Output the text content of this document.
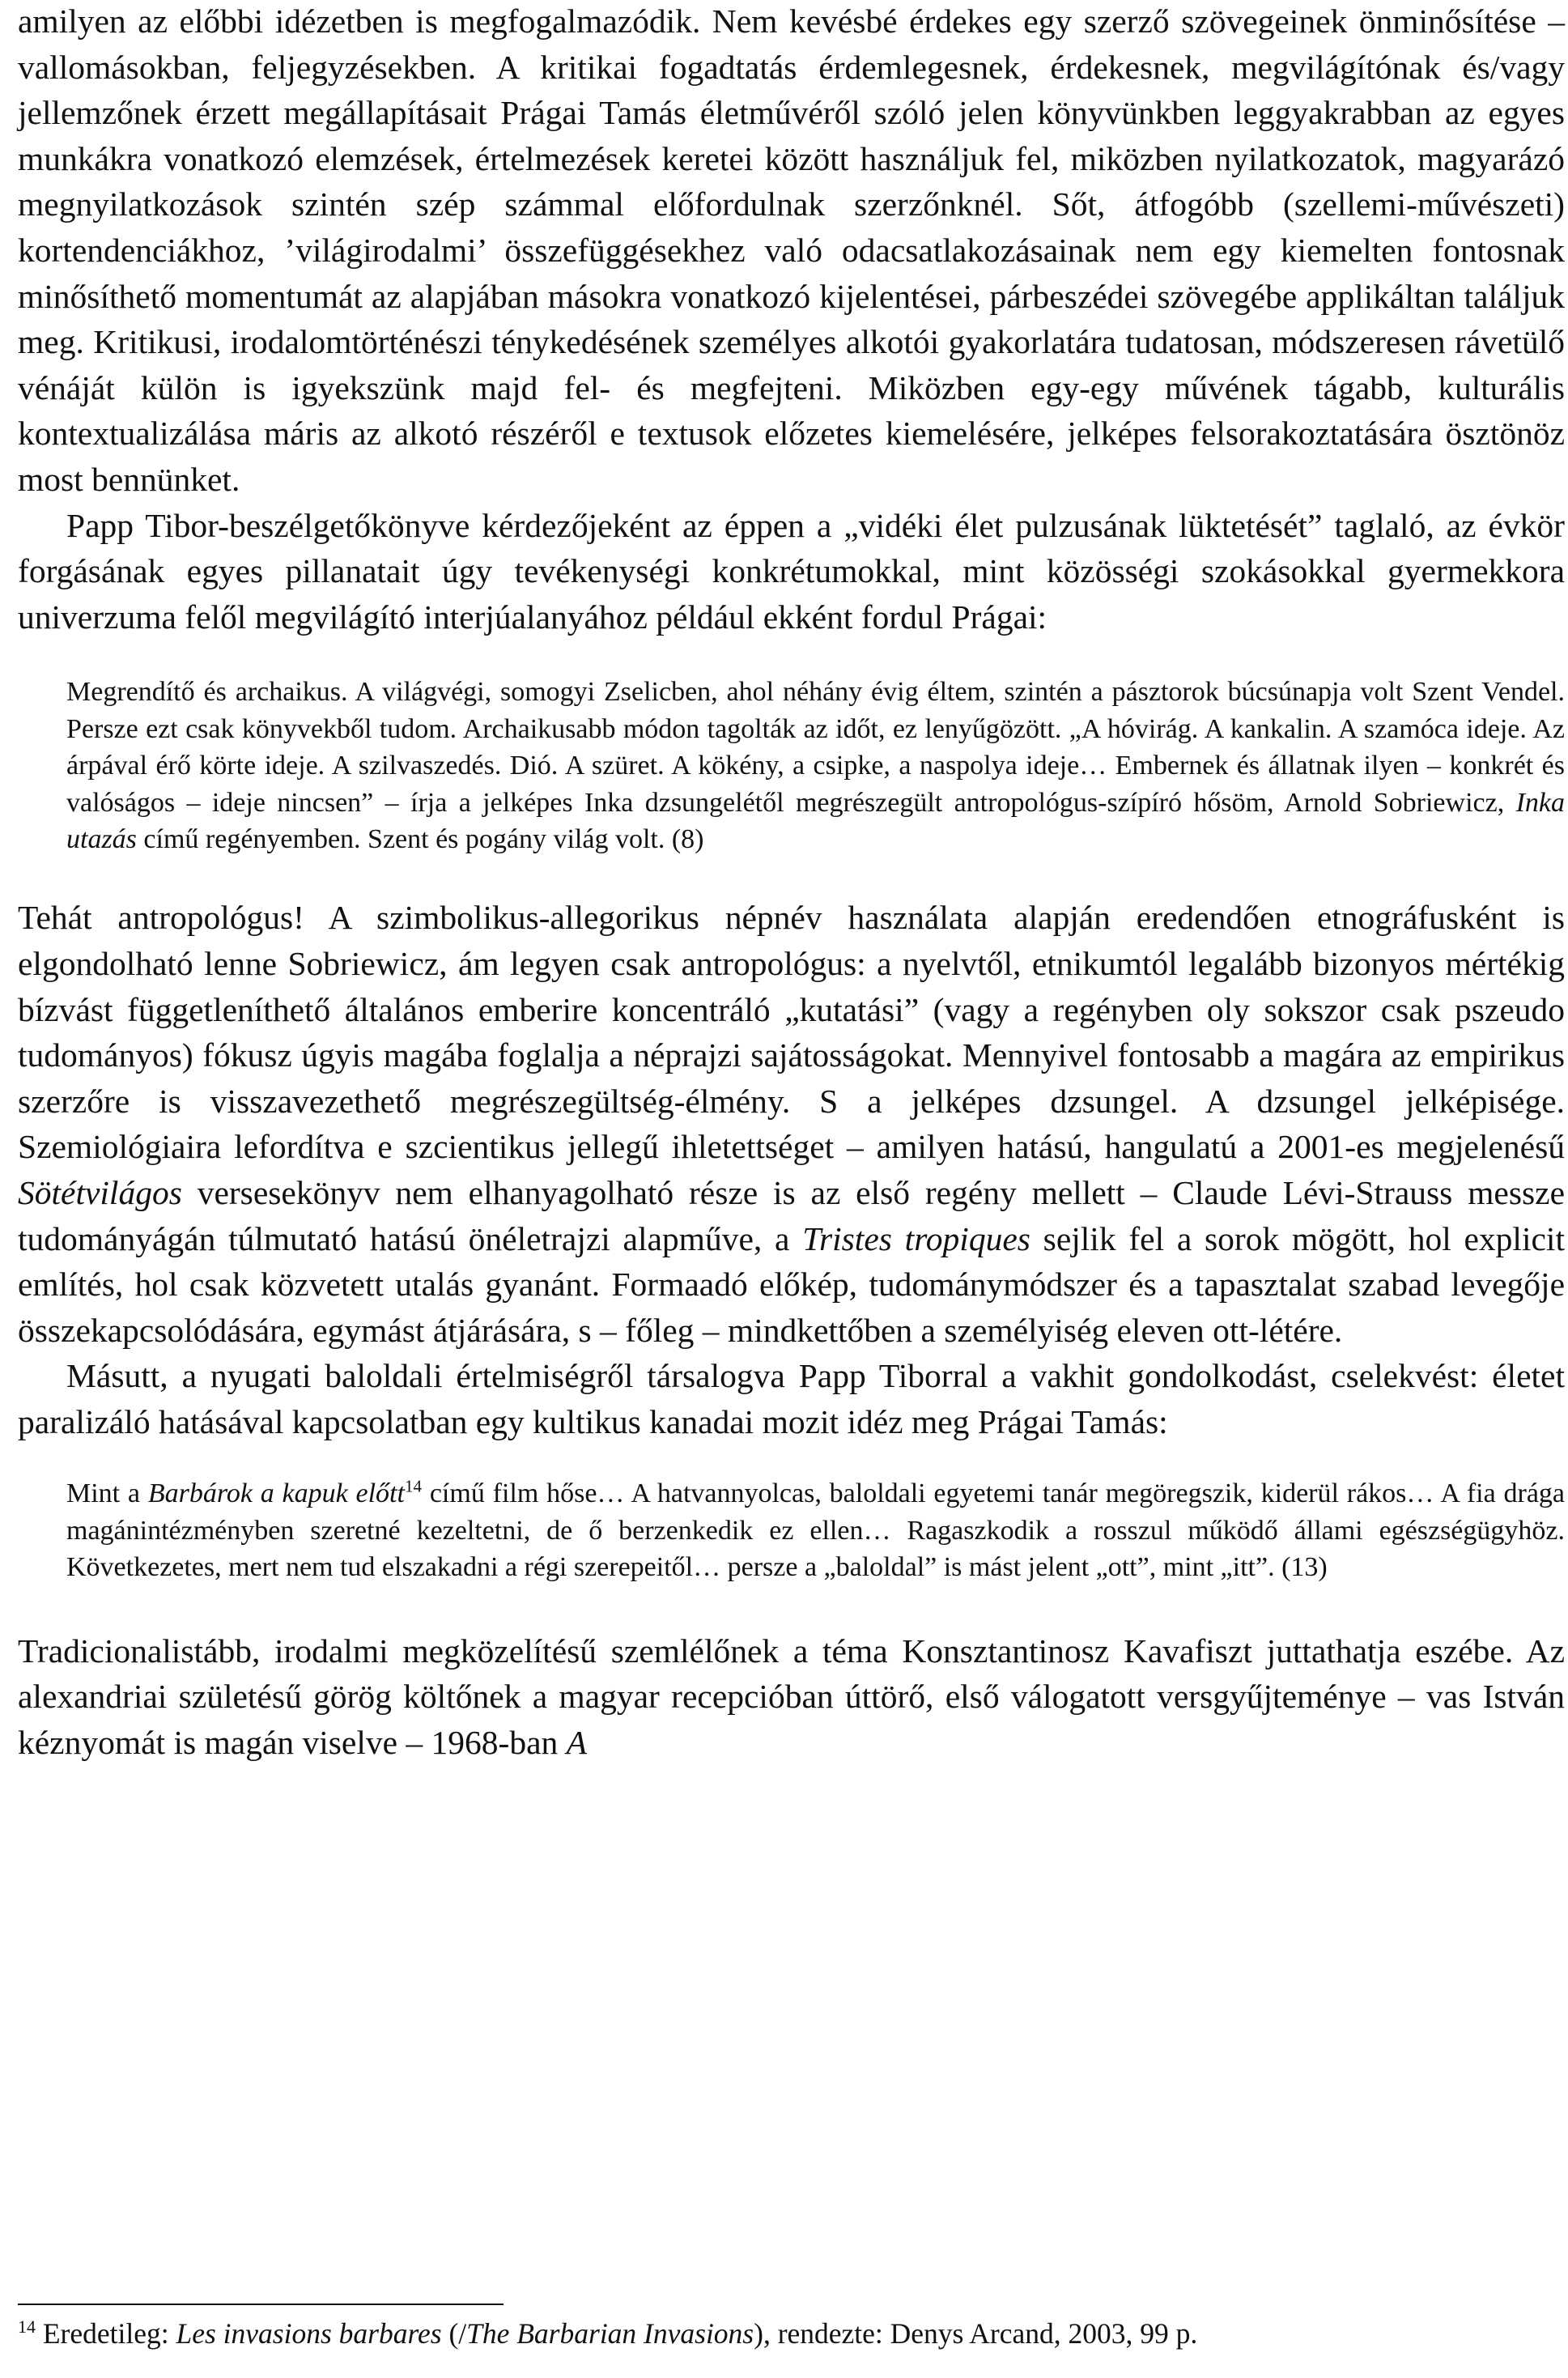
amilyen az előbbi idézetben is megfogalmazódik. Nem kevésbé érdekes egy szerző szövegeinek önminősítése – vallomásokban, feljegyzésekben. A kritikai fogadtatás érdemlegesnek, érdekesnek, megvilágítónak és/vagy jellemzőnek érzett megállapításait Prágai Tamás életművéről szóló jelen könyvünkben leggyakrabban az egyes munkákra vonatkozó elemzések, értelmezések keretei között használjuk fel, miközben nyilatkozatok, magyarázó megnyilatkozások szintén szép számmal előfordulnak szerzőnknél. Sőt, átfogóbb (szellemi-művészeti) kortendenciákhoz, ’világirodalmi’ összefüggésekhez való odacsatlakozásainak nem egy kiemelten fontosnak minősíthető momentumát az alapjában másokra vonatkozó kijelentései, párbeszédei szövegébe applikáltan találjuk meg. Kritikusi, irodalomtörténészi ténykedésének személyes alkotói gyakorlatára tudatosan, módszeresen rávetülő vénáját külön is igyekszünk majd fel- és megfejteni. Miközben egy-egy művének tágabb, kulturális kontextualizálása máris az alkotó részéről e textusok előzetes kiemelésére, jelképes felsorakoztatására ösztönöz most bennünket.

Papp Tibor-beszélgetőkönyve kérdezőjeként az éppen a „vidéki élet pulzusának lüktetését” taglaló, az évkör forgásának egyes pillanatait úgy tevékenységi konkrétumokkal, mint közösségi szokásokkal gyermekkora univerzuma felől megvilágító interjúalanyához például ekként fordul Prágai:

Megrendítő és archaikus. A világvégi, somogyi Zselicben, ahol néhány évig éltem, szintén a pásztorok búcsúnapja volt Szent Vendel. Persze ezt csak könyvekből tudom. Archaikusabb módon tagolták az időt, ez lenyűgözött. „A hóvirág. A kankalin. A szamóca ideje. Az árpával érő körte ideje. A szilvaszedés. Dió. A szüret. A kökény, a csipke, a naspolya ideje… Embernek és állatnak ilyen – konkrét és valóságos – ideje nincsen” – írja a jelképes Inka dzsungelétől megrészegült antropológus-szípíró hősöm, Arnold Sobriewicz, Inka utazás című regényemben. Szent és pogány világ volt. (8)

Tehát antropológus! A szimbolikus-allegorikus népnév használata alapján eredendően etnográfusként is elgondolható lenne Sobriewicz, ám legyen csak antropológus: a nyelvtől, etnikumtól legalább bizonyos mértékig bízvást függetleníthető általános emberire koncentráló „kutatási” (vagy a regényben oly sokszor csak pszeudo tudományos) fókusz úgyis magába foglalja a néprajzi sajátosságokat. Mennyivel fontosabb a magára az empirikus szerzőre is visszavezethető megrészegültség-élmény. S a jelképes dzsungel. A dzsungel jelképisége. Szemiológiaira lefordítva e szcientikus jellegű ihletettséget – amilyen hatású, hangulatú a 2001-es megjelenésű Sötétvilágos versesekönyv nem elhanyagolható része is az első regény mellett – Claude Lévi-Strauss messze tudományágán túlmutató hatású önéletrajzi alapműve, a Tristes tropiques sejlik fel a sorok mögött, hol explicit említés, hol csak közvetett utalás gyanánt. Formaadó előkép, tudománymódszer és a tapasztalat szabad levegője összekapcsolódására, egymást átjárására, s – főleg – mindkettőben a személyiség eleven ott-létére.

Másutt, a nyugati baloldali értelmiségről társalogva Papp Tiborral a vakhit gondolkodást, cselekvést: életet paralizáló hatásával kapcsolatban egy kultikus kanadai mozit idéz meg Prágai Tamás:

Mint a Barbárok a kapuk előtt$^{14}$ című film hőse… A hatvannyolcas, baloldali egyetemi tanár megöregszik, kiderül rákos… A fia drága magánintézményben szeretné kezeltetni, de ő berzenkedik ez ellen… Ragaszkodik a rosszul működő állami egészségügyhöz. Következetes, mert nem tud elszakadni a régi szerepeitől… persze a „baloldal” is mást jelent „ott”, mint „itt”. (13)

Tradicionalistább, irodalmi megközelítésű szemlélőnek a téma Konsztantinosz Kavafiszt juttathatja eszébe. Az alexandriai születésű görög költőnek a magyar recepcióban úttörő, első válogatott versgyűjteménye – vas István kéznyomát is magán viselve – 1968-ban A

$^{14}$ Eredetileg: Les invasions barbares (/The Barbarian Invasions), rendezte: Denys Arcand, 2003, 99 p.
